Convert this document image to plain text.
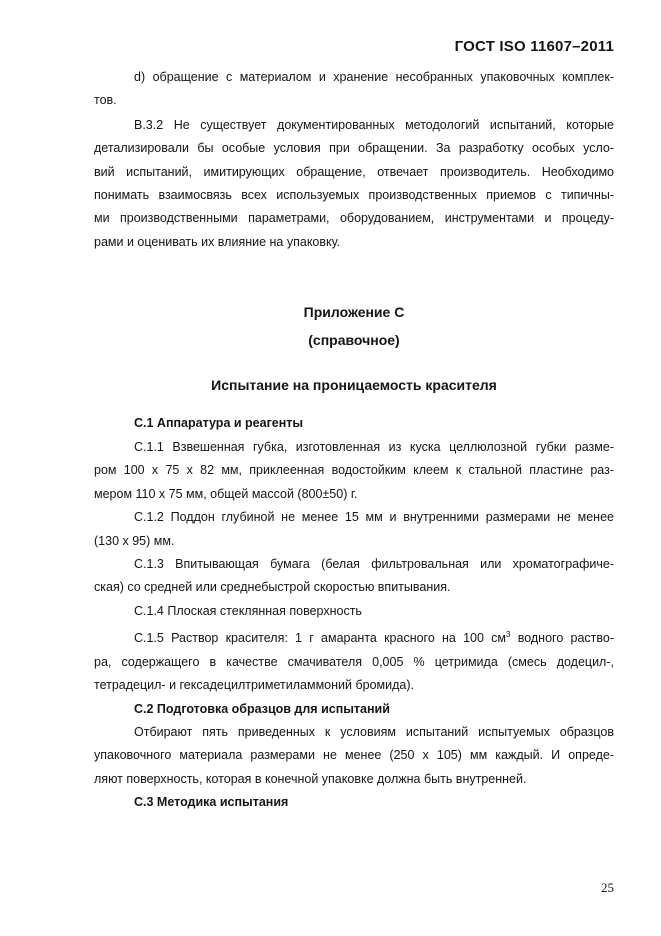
ГОСТ ISO 11607–2011

d) обращение с материалом и хранение несобранных упаковочных комплек-

тов.

B.3.2 Не существует документированных методологий испытаний, которые

детализировали бы особые условия при обращении. За разработку особых усло-

вий испытаний, имитирующих обращение, отвечает производитель. Необходимо

понимать взаимосвязь всех используемых производственных приемов с типичны-

ми производственными параметрами, оборудованием, инструментами и процеду-

рами и оценивать их влияние на упаковку.

Приложение С

(справочное)

Испытание на проницаемость красителя

С.1 Аппаратура и реагенты

С.1.1 Взвешенная губка, изготовленная из куска целлюлозной губки разме-

ром 100 х 75 х 82 мм, приклеенная водостойким клеем к стальной пластине раз-

мером 110 х 75 мм, общей массой (800±50) г.

С.1.2 Поддон глубиной не менее 15 мм и внутренними размерами не менее

(130 х 95) мм.

С.1.3 Впитывающая бумага (белая фильтровальная или хроматографиче-

ская) со средней или среднебыстрой скоростью впитывания.

С.1.4 Плоская стеклянная поверхность

С.1.5 Раствор красителя: 1 г амаранта красного на 100 $см^3$ водного раство-

ра, содержащего в качестве смачивателя 0,005 % цетримида (смесь додецил-,

тетрадецил- и гексадецилтриметиламмоний бромида).

С.2 Подготовка образцов для испытаний

Отбирают пять приведенных к условиям испытаний испытуемых образцов

упаковочного материала размерами не менее (250 х 105) мм каждый. И опреде-

ляют поверхность, которая в конечной упаковке должна быть внутренней.

С.3 Методика испытания

25
